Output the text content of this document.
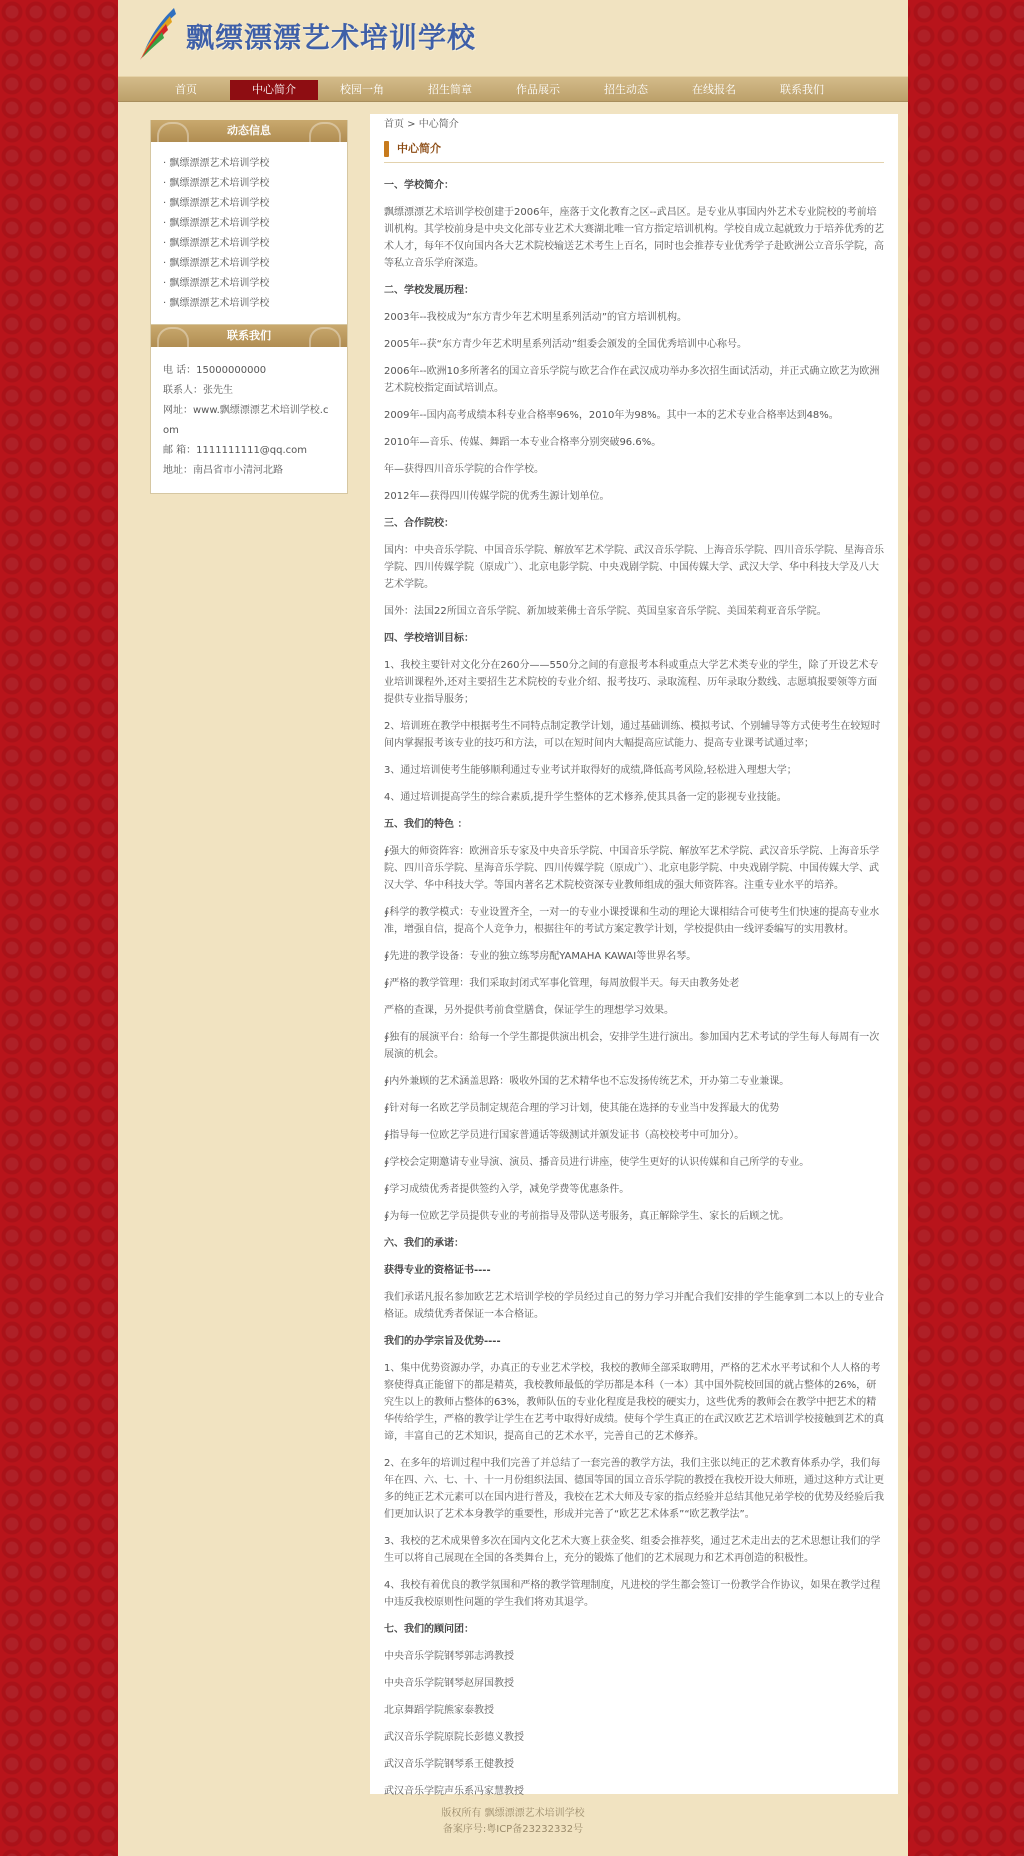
飘缥漂漂艺术培训学校
首页	中心简介	校园一角	招生简章	作品展示	招生动态	在线报名	联系我们
动态信息
· 飘缥漂漂艺术培训学校
· 飘缥漂漂艺术培训学校
· 飘缥漂漂艺术培训学校
· 飘缥漂漂艺术培训学校
· 飘缥漂漂艺术培训学校
· 飘缥漂漂艺术培训学校
· 飘缥漂漂艺术培训学校
· 飘缥漂漂艺术培训学校
联系我们
电 话：15000000000
联系人：张先生
网址：www.飘缥漂漂艺术培训学校.com
邮 箱：1111111111@qq.com
地址：南昌省市小清河北路
首页 > 中心简介
中心简介

一、学校简介：

飘缥漂漂艺术培训学校创建于2006年，座落于文化教育之区--武昌区。是专业从事国内外艺术专业院校的考前培训机构。其学校前身是中央文化部专业艺术大赛湖北唯一官方指定培训机构。学校自成立起就致力于培养优秀的艺术人才，每年不仅向国内各大艺术院校输送艺术考生上百名，同时也会推荐专业优秀学子赴欧洲公立音乐学院，高等私立音乐学府深造。

二、学校发展历程：

2003年--我校成为“东方青少年艺术明星系列活动”的官方培训机构。

2005年--获“东方青少年艺术明星系列活动”组委会颁发的全国优秀培训中心称号。

2006年--欧洲10多所著名的国立音乐学院与欧艺合作在武汉成功举办多次招生面试活动，并正式确立欧艺为欧洲艺术院校指定面试培训点。

2009年--国内高考成绩本科专业合格率96%，2010年为98%。其中一本的艺术专业合格率达到48%。

2010年—音乐、传媒、舞蹈一本专业合格率分别突破96.6%。

年—获得四川音乐学院的合作学校。

2012年—获得四川传媒学院的优秀生源计划单位。

三、合作院校：

国内：中央音乐学院、中国音乐学院、解放军艺术学院、武汉音乐学院、上海音乐学院、四川音乐学院、星海音乐学院、四川传媒学院（原成广）、北京电影学院、中央戏剧学院、中国传媒大学、武汉大学、华中科技大学及八大艺术学院。

国外：法国22所国立音乐学院、新加坡莱佛士音乐学院、英国皇家音乐学院、美国茱莉亚音乐学院。

四、学校培训目标：

1、我校主要针对文化分在260分——550分之间的有意报考本科或重点大学艺术类专业的学生，除了开设艺术专业培训课程外,还对主要招生艺术院校的专业介绍、报考技巧、录取流程、历年录取分数线、志愿填报要领等方面提供专业指导服务；

2、培训班在教学中根据考生不同特点制定教学计划，通过基础训练、模拟考试、个别辅导等方式使考生在较短时间内掌握报考该专业的技巧和方法，可以在短时间内大幅提高应试能力、提高专业课考试通过率；

3、通过培训使考生能够顺利通过专业考试并取得好的成绩,降低高考风险,轻松进入理想大学；

4、通过培训提高学生的综合素质,提升学生整体的艺术修养,使其具备一定的影视专业技能。

五、我们的特色 ：

∮强大的师资阵容：欧洲音乐专家及中央音乐学院、中国音乐学院、解放军艺术学院、武汉音乐学院、上海音乐学院、四川音乐学院、星海音乐学院、四川传媒学院（原成广）、北京电影学院、中央戏剧学院、中国传媒大学、武汉大学、华中科技大学。等国内著名艺术院校资深专业教师组成的强大师资阵容。注重专业水平的培养。

∮科学的教学模式：专业设置齐全，一对一的专业小课授课和生动的理论大课相结合可使考生们快速的提高专业水准，增强自信，提高个人竞争力，根据往年的考试方案定教学计划，学校提供由一线评委编写的实用教材。

∮先进的教学设备：专业的独立练琴房配YAMAHA KAWAI等世界名琴。

∮严格的教学管理：我们采取封闭式军事化管理，每周放假半天。每天由教务处老

严格的查课，另外提供考前食堂膳食，保证学生的理想学习效果。

∮独有的展演平台：给每一个学生都提供演出机会，安排学生进行演出。参加国内艺术考试的学生每人每周有一次展演的机会。

∮内外兼顾的艺术涵盖思路：吸收外国的艺术精华也不忘发扬传统艺术，开办第二专业兼课。

∮针对每一名欧艺学员制定规范合理的学习计划，使其能在选择的专业当中发挥最大的优势

∮指导每一位欧艺学员进行国家普通话等级测试并颁发证书（高校校考中可加分）。

∮学校会定期邀请专业导演、演员、播音员进行讲座，使学生更好的认识传媒和自己所学的专业。

∮学习成绩优秀者提供签约入学，减免学费等优惠条件。

∮为每一位欧艺学员提供专业的考前指导及带队送考服务，真正解除学生、家长的后顾之忧。

六、我们的承诺：

获得专业的资格证书----

我们承诺凡报名参加欧艺艺术培训学校的学员经过自己的努力学习并配合我们安排的学生能拿到二本以上的专业合格证。成绩优秀者保证一本合格证。

我们的办学宗旨及优势----

1、集中优势资源办学，办真正的专业艺术学校，我校的教师全部采取聘用，严格的艺术水平考试和个人人格的考察使得真正能留下的都是精英，我校教师最低的学历都是本科（一本）其中国外院校回国的就占整体的26%，研究生以上的教师占整体的63%，教师队伍的专业化程度是我校的硬实力，这些优秀的教师会在教学中把艺术的精华传给学生，严格的教学让学生在艺考中取得好成绩。使每个学生真正的在武汉欧艺艺术培训学校接触到艺术的真谛，丰富自己的艺术知识，提高自己的艺术水平，完善自己的艺术修养。

2、在多年的培训过程中我们完善了并总结了一套完善的教学方法，我们主张以纯正的艺术教育体系办学，我们每年在四、六、七、十、十一月份组织法国、德国等国的国立音乐学院的教授在我校开设大师班，通过这种方式让更多的纯正艺术元素可以在国内进行普及，我校在艺术大师及专家的指点经验并总结其他兄弟学校的优势及经验后我们更加认识了艺术本身教学的重要性，形成并完善了“欧艺艺术体系”“欧艺教学法”。

3、我校的艺术成果曾多次在国内文化艺术大赛上获金奖、组委会推荐奖，通过艺术走出去的艺术思想让我们的学生可以将自己展现在全国的各类舞台上，充分的锻炼了他们的艺术展现力和艺术再创造的积极性。

4、我校有着优良的教学氛围和严格的教学管理制度，凡进校的学生都会签订一份教学合作协议，如果在教学过程中违反我校原则性问题的学生我们将劝其退学。

七、我们的顾问团：

中央音乐学院钢琴郭志鸿教授

中央音乐学院钢琴赵屏国教授

北京舞蹈学院熊家泰教授

武汉音乐学院原院长彭德义教授

武汉音乐学院钢琴系王健教授

武汉音乐学院声乐系冯家慧教授

版权所有 飘缥漂漂艺术培训学校
备案序号:粤ICP备23232332号
